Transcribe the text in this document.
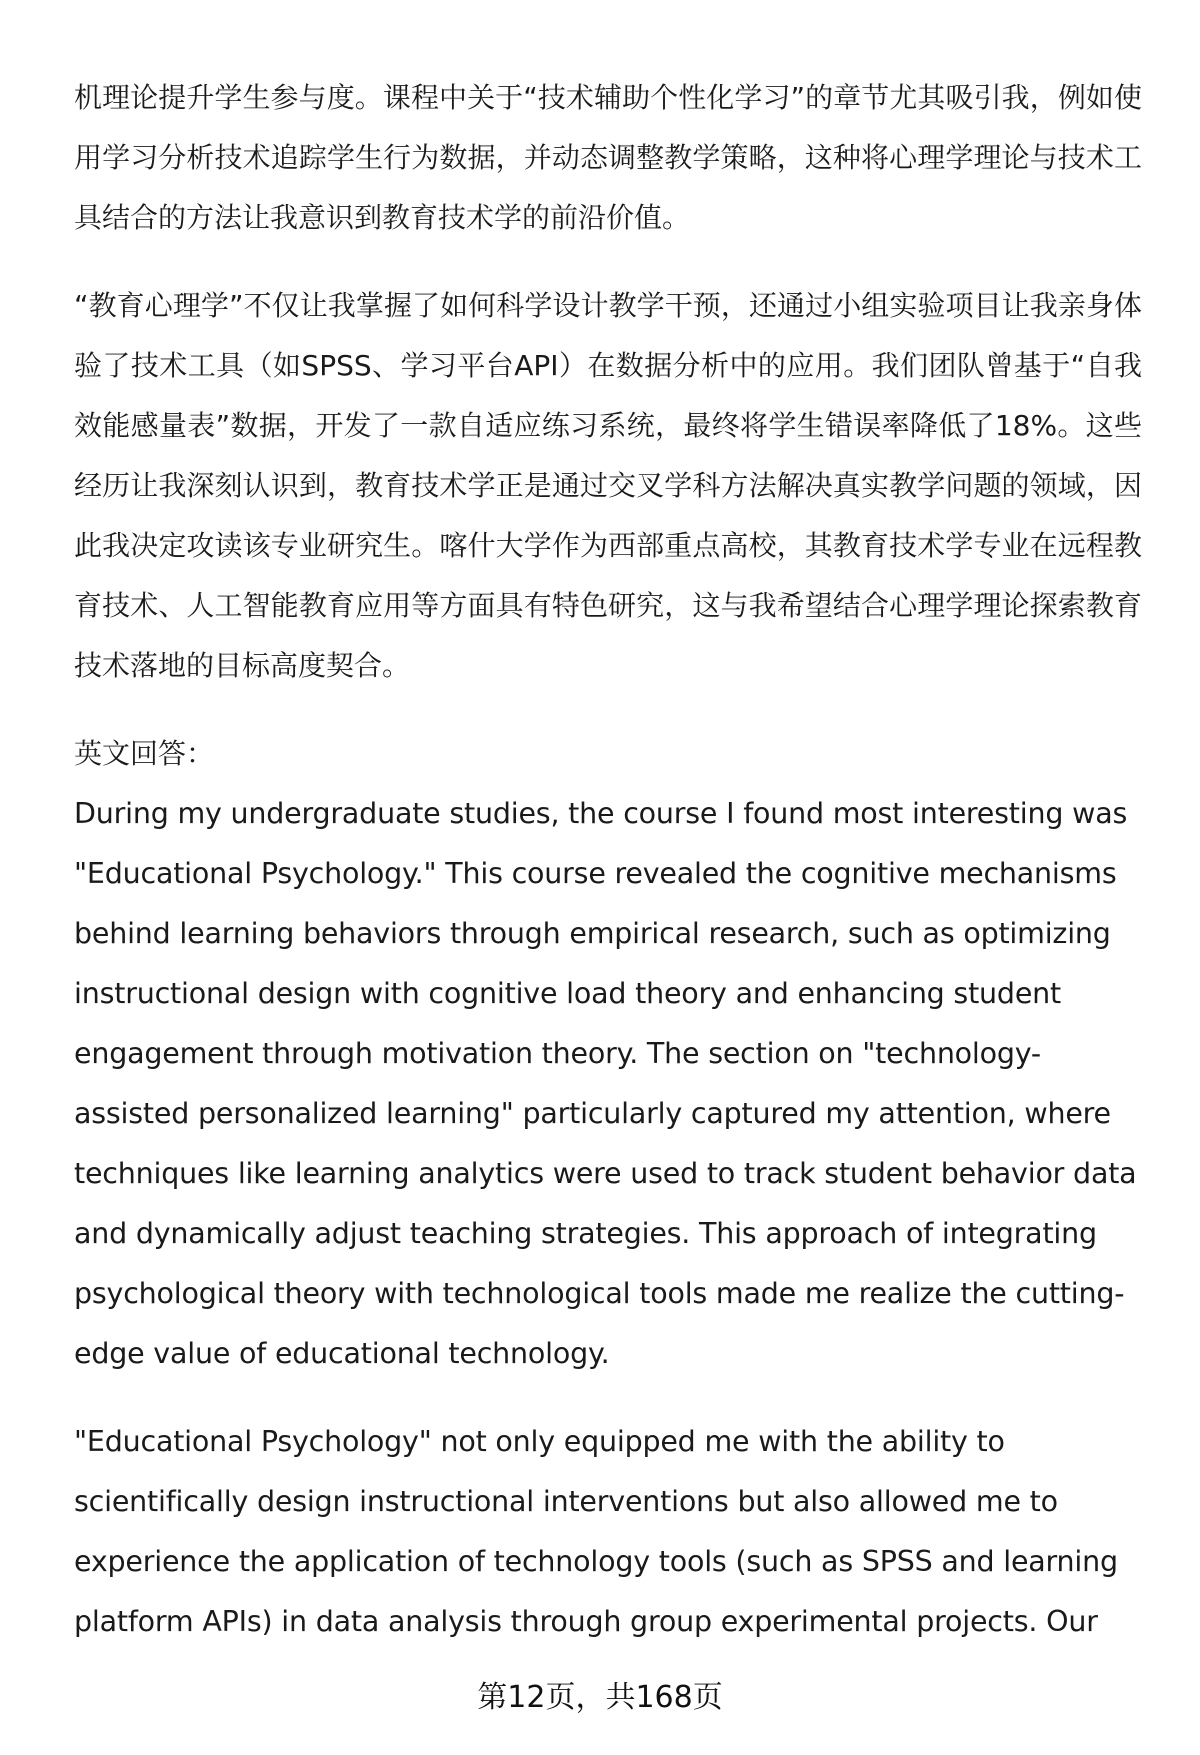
机理论提升学生参与度。课程中关于“技术辅助个性化学习”的章节尤其吸引我，例如使用学习分析技术追踪学生行为数据，并动态调整教学策略，这种将心理学理论与技术工具结合的方法让我意识到教育技术学的前沿价值。

“教育心理学”不仅让我掌握了如何科学设计教学干预，还通过小组实验项目让我亲身体验了技术工具（如SPSS、学习平台API）在数据分析中的应用。我们团队曾基于“自我效能感量表”数据，开发了一款自适应练习系统，最终将学生错误率降低了18%。这些经历让我深刻认识到，教育技术学正是通过交叉学科方法解决真实教学问题的领域，因此我决定攻读该专业研究生。喀什大学作为西部重点高校，其教育技术学专业在远程教育技术、人工智能教育应用等方面具有特色研究，这与我希望结合心理学理论探索教育技术落地的目标高度契合。

英文回答：

During my undergraduate studies, the course I found most interesting was "Educational Psychology." This course revealed the cognitive mechanisms behind learning behaviors through empirical research, such as optimizing instructional design with cognitive load theory and enhancing student engagement through motivation theory. The section on "technology-assisted personalized learning" particularly captured my attention, where techniques like learning analytics were used to track student behavior data and dynamically adjust teaching strategies. This approach of integrating psychological theory with technological tools made me realize the cutting-edge value of educational technology.

"Educational Psychology" not only equipped me with the ability to scientifically design instructional interventions but also allowed me to experience the application of technology tools (such as SPSS and learning platform APIs) in data analysis through group experimental projects. Our

第12页，共168页
